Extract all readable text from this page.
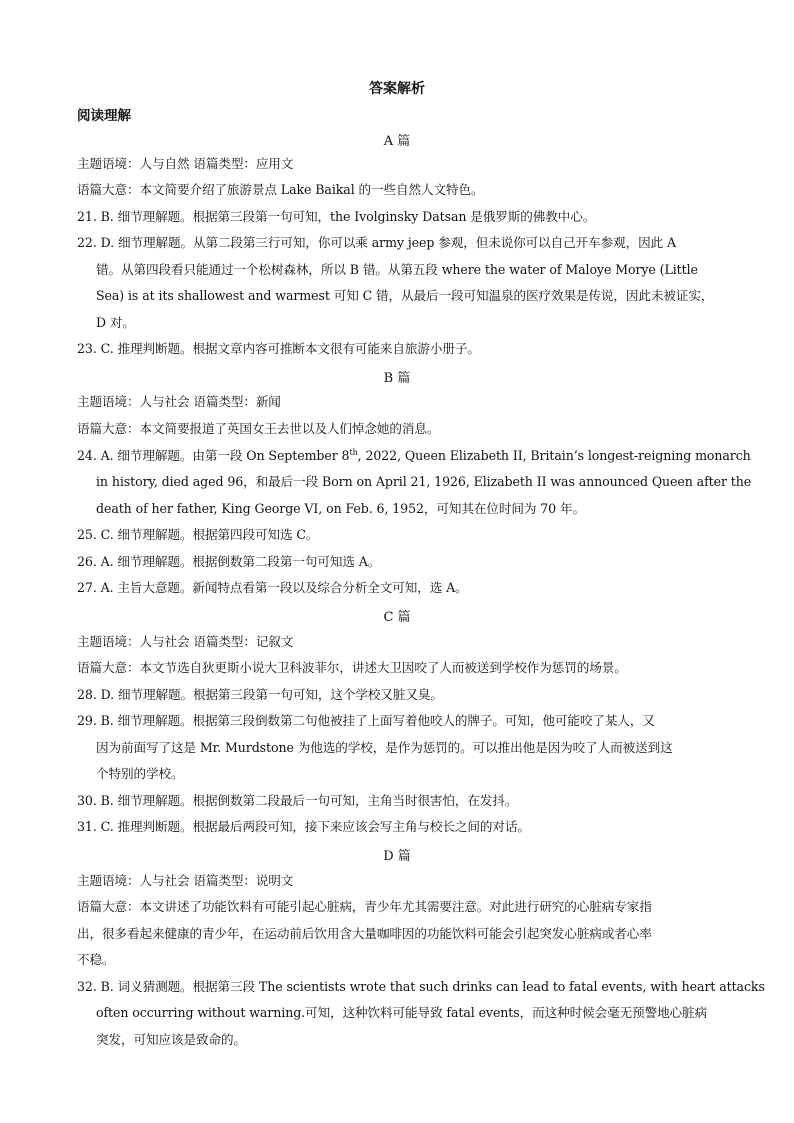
答案解析
阅读理解
A 篇
主题语境：人与自然 语篇类型：应用文
语篇大意：本文简要介绍了旅游景点 Lake Baikal 的一些自然人文特色。
21. B. 细节理解题。根据第三段第一句可知，the Ivolginsky Datsan 是俄罗斯的佛教中心。
22. D. 细节理解题。从第二段第三行可知，你可以乘 army jeep 参观，但未说你可以自己开车参观，因此 A
错。从第四段看只能通过一个松树森林，所以 B 错。从第五段 where the water of Maloye Morye (Little
Sea) is at its shallowest and warmest 可知 C 错，从最后一段可知温泉的医疗效果是传说，因此未被证实，
D 对。
23. C. 推理判断题。根据文章内容可推断本文很有可能来自旅游小册子。
B 篇
主题语境：人与社会 语篇类型：新闻
语篇大意：本文简要报道了英国女王去世以及人们悼念她的消息。
24. A. 细节理解题。由第一段 On September 8th, 2022, Queen Elizabeth II, Britain’s longest-reigning monarch
in history, died aged 96，和最后一段 Born on April 21, 1926, Elizabeth II was announced Queen after the
death of her father, King George VI, on Feb. 6, 1952，可知其在位时间为 70 年。
25. C. 细节理解题。根据第四段可知选 C。
26. A. 细节理解题。根据倒数第二段第一句可知选 A。
27. A. 主旨大意题。新闻特点看第一段以及综合分析全文可知，选 A。
C 篇
主题语境：人与社会 语篇类型：记叙文
语篇大意：本文节选自狄更斯小说大卫科波菲尔，讲述大卫因咬了人而被送到学校作为惩罚的场景。
28. D. 细节理解题。根据第三段第一句可知，这个学校又脏又臭。
29. B. 细节理解题。根据第三段倒数第二句他被挂了上面写着他咬人的牌子。可知，他可能咬了某人，又
因为前面写了这是 Mr. Murdstone 为他选的学校，是作为惩罚的。可以推出他是因为咬了人而被送到这
个特别的学校。
30. B. 细节理解题。根据倒数第二段最后一句可知，主角当时很害怕，在发抖。
31. C. 推理判断题。根据最后两段可知，接下来应该会写主角与校长之间的对话。
D 篇
主题语境：人与社会 语篇类型：说明文
语篇大意：本文讲述了功能饮料有可能引起心脏病，青少年尤其需要注意。对此进行研究的心脏病专家指
出，很多看起来健康的青少年，在运动前后饮用含大量咖啡因的功能饮料可能会引起突发心脏病或者心率
不稳。
32. B. 词义猜测题。根据第三段 The scientists wrote that such drinks can lead to fatal events, with heart attacks
often occurring without warning.可知，这种饮料可能导致 fatal events，而这种时候会毫无预警地心脏病
突发，可知应该是致命的。
